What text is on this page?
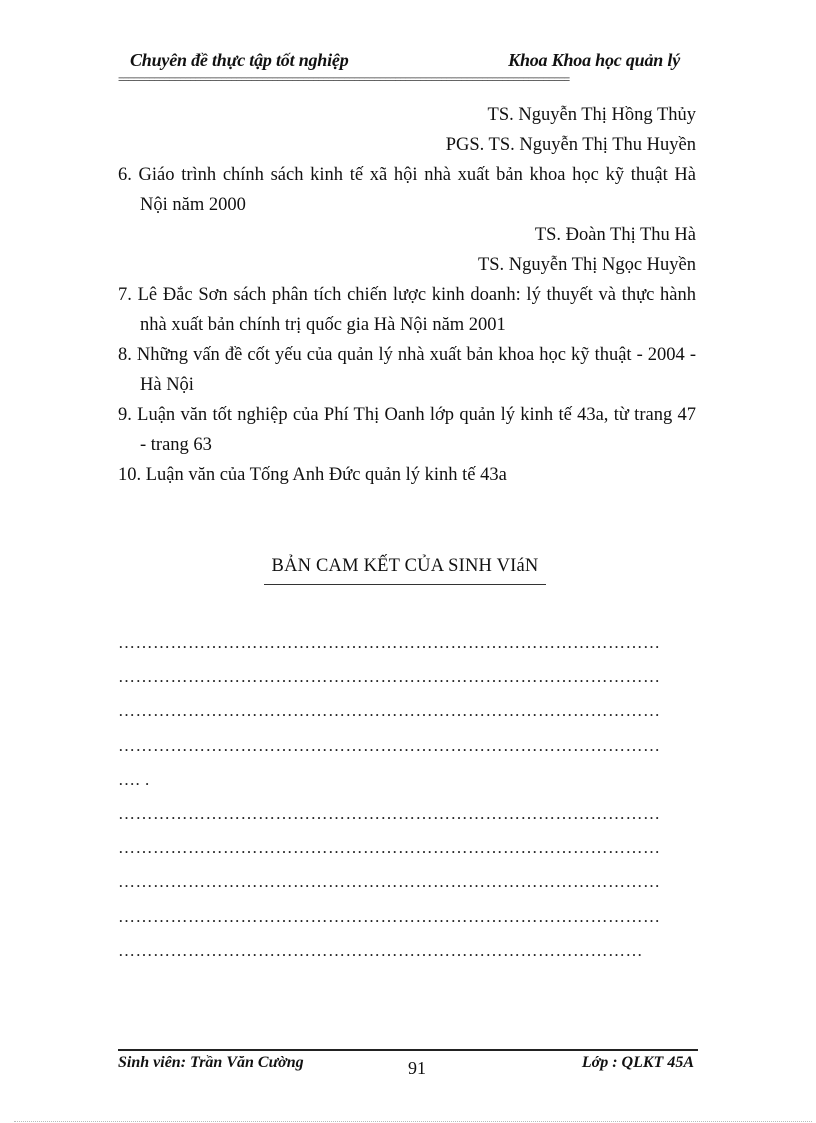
Chuyên đề thực tập tốt nghiệp	Khoa Khoa học quản lý
========================================================================================
TS. Nguyễn Thị Hồng Thủy
PGS. TS. Nguyễn Thị Thu Huyền
6. Giáo trình chính sách kinh tế xã hội nhà xuất bản khoa học kỹ thuật Hà
Nội năm 2000
TS. Đoàn Thị Thu Hà
TS. Nguyễn Thị Ngọc Huyền
7. Lê Đắc Sơn sách phân tích chiến lược kinh doanh: lý thuyết và thực hành
nhà xuất bản chính trị quốc gia Hà Nội năm 2001
8. Những vấn đề cốt yếu của quản lý nhà xuất bản khoa học kỹ thuật - 2004 -
Hà Nội
9. Luận văn tốt nghiệp của Phí Thị Oanh lớp quản lý kinh tế 43a, từ trang 47
- trang 63
10. Luận văn của Tống Anh Đức quản lý kinh tế 43a
BẢN CAM KẾT CỦA SINH VIáN
…………………………………………………………………………………
…………………………………………………………………………………
…………………………………………………………………………………
…………………………………………………………………………………
…. .
…………………………………………………………………………………
…………………………………………………………………………………
…………………………………………………………………………………
…………………………………………………………………………………
………………………………………………………………………………
Sinh viên: Trần Văn Cường	91	Lớp : QLKT 45A
